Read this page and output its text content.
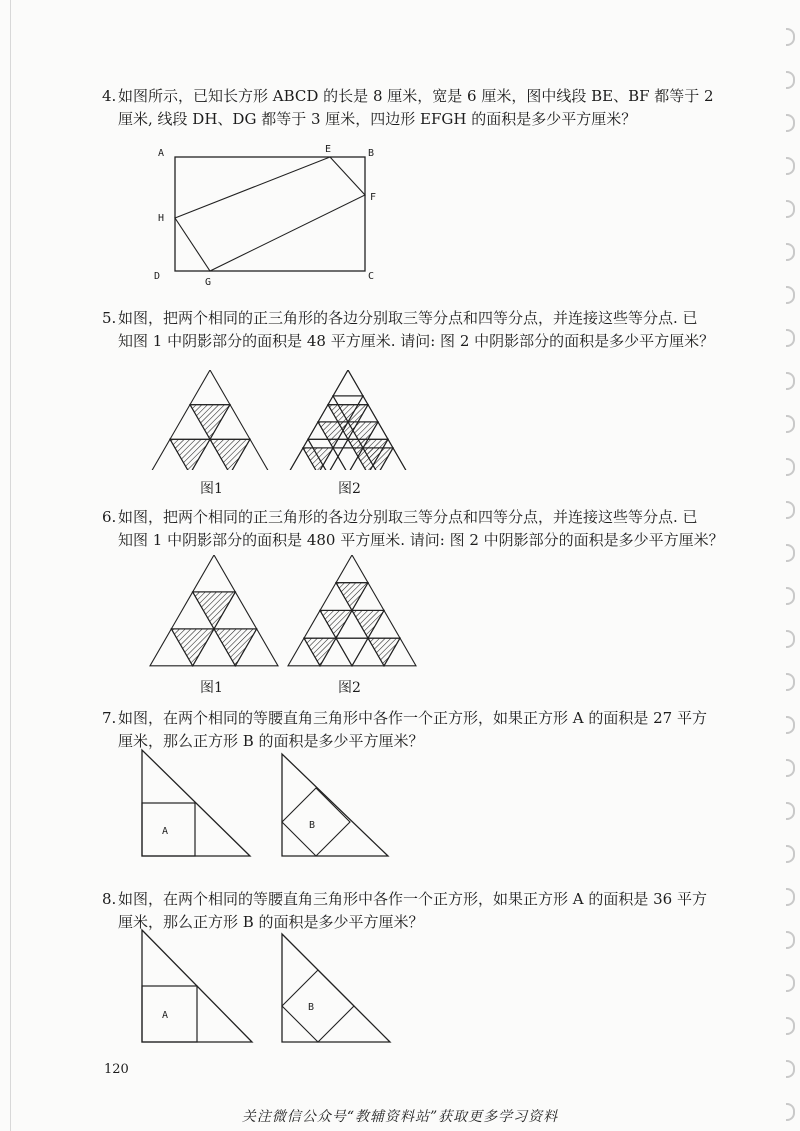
4. 如图所示，已知长方形 ABCD 的长是 8 厘米，宽是 6 厘米，图中线段 BE、BF 都等于 2

厘米, 线段 DH、DG 都等于 3 厘米，四边形 EFGH 的面积是多少平方厘米？

A	B
C
D
E
F
G
H
5. 如图，把两个相同的正三角形的各边分别取三等分点和四等分点，并连接这些等分点. 已

知图 1 中阴影部分的面积是 48 平方厘米. 请问: 图 2 中阴影部分的面积是多少平方厘米？

图1	图2
6. 如图，把两个相同的正三角形的各边分别取三等分点和四等分点，并连接这些等分点. 已

知图 1 中阴影部分的面积是 480 平方厘米. 请问: 图 2 中阴影部分的面积是多少平方厘米？

图1	图2
7. 如图，在两个相同的等腰直角三角形中各作一个正方形，如果正方形 A 的面积是 27 平方

厘米，那么正方形 B 的面积是多少平方厘米？

A
B
8. 如图，在两个相同的等腰直角三角形中各作一个正方形，如果正方形 A 的面积是 36 平方

厘米，那么正方形 B 的面积是多少平方厘米？

A
B
120
关注微信公众号“教辅资料站”获取更多学习资料
